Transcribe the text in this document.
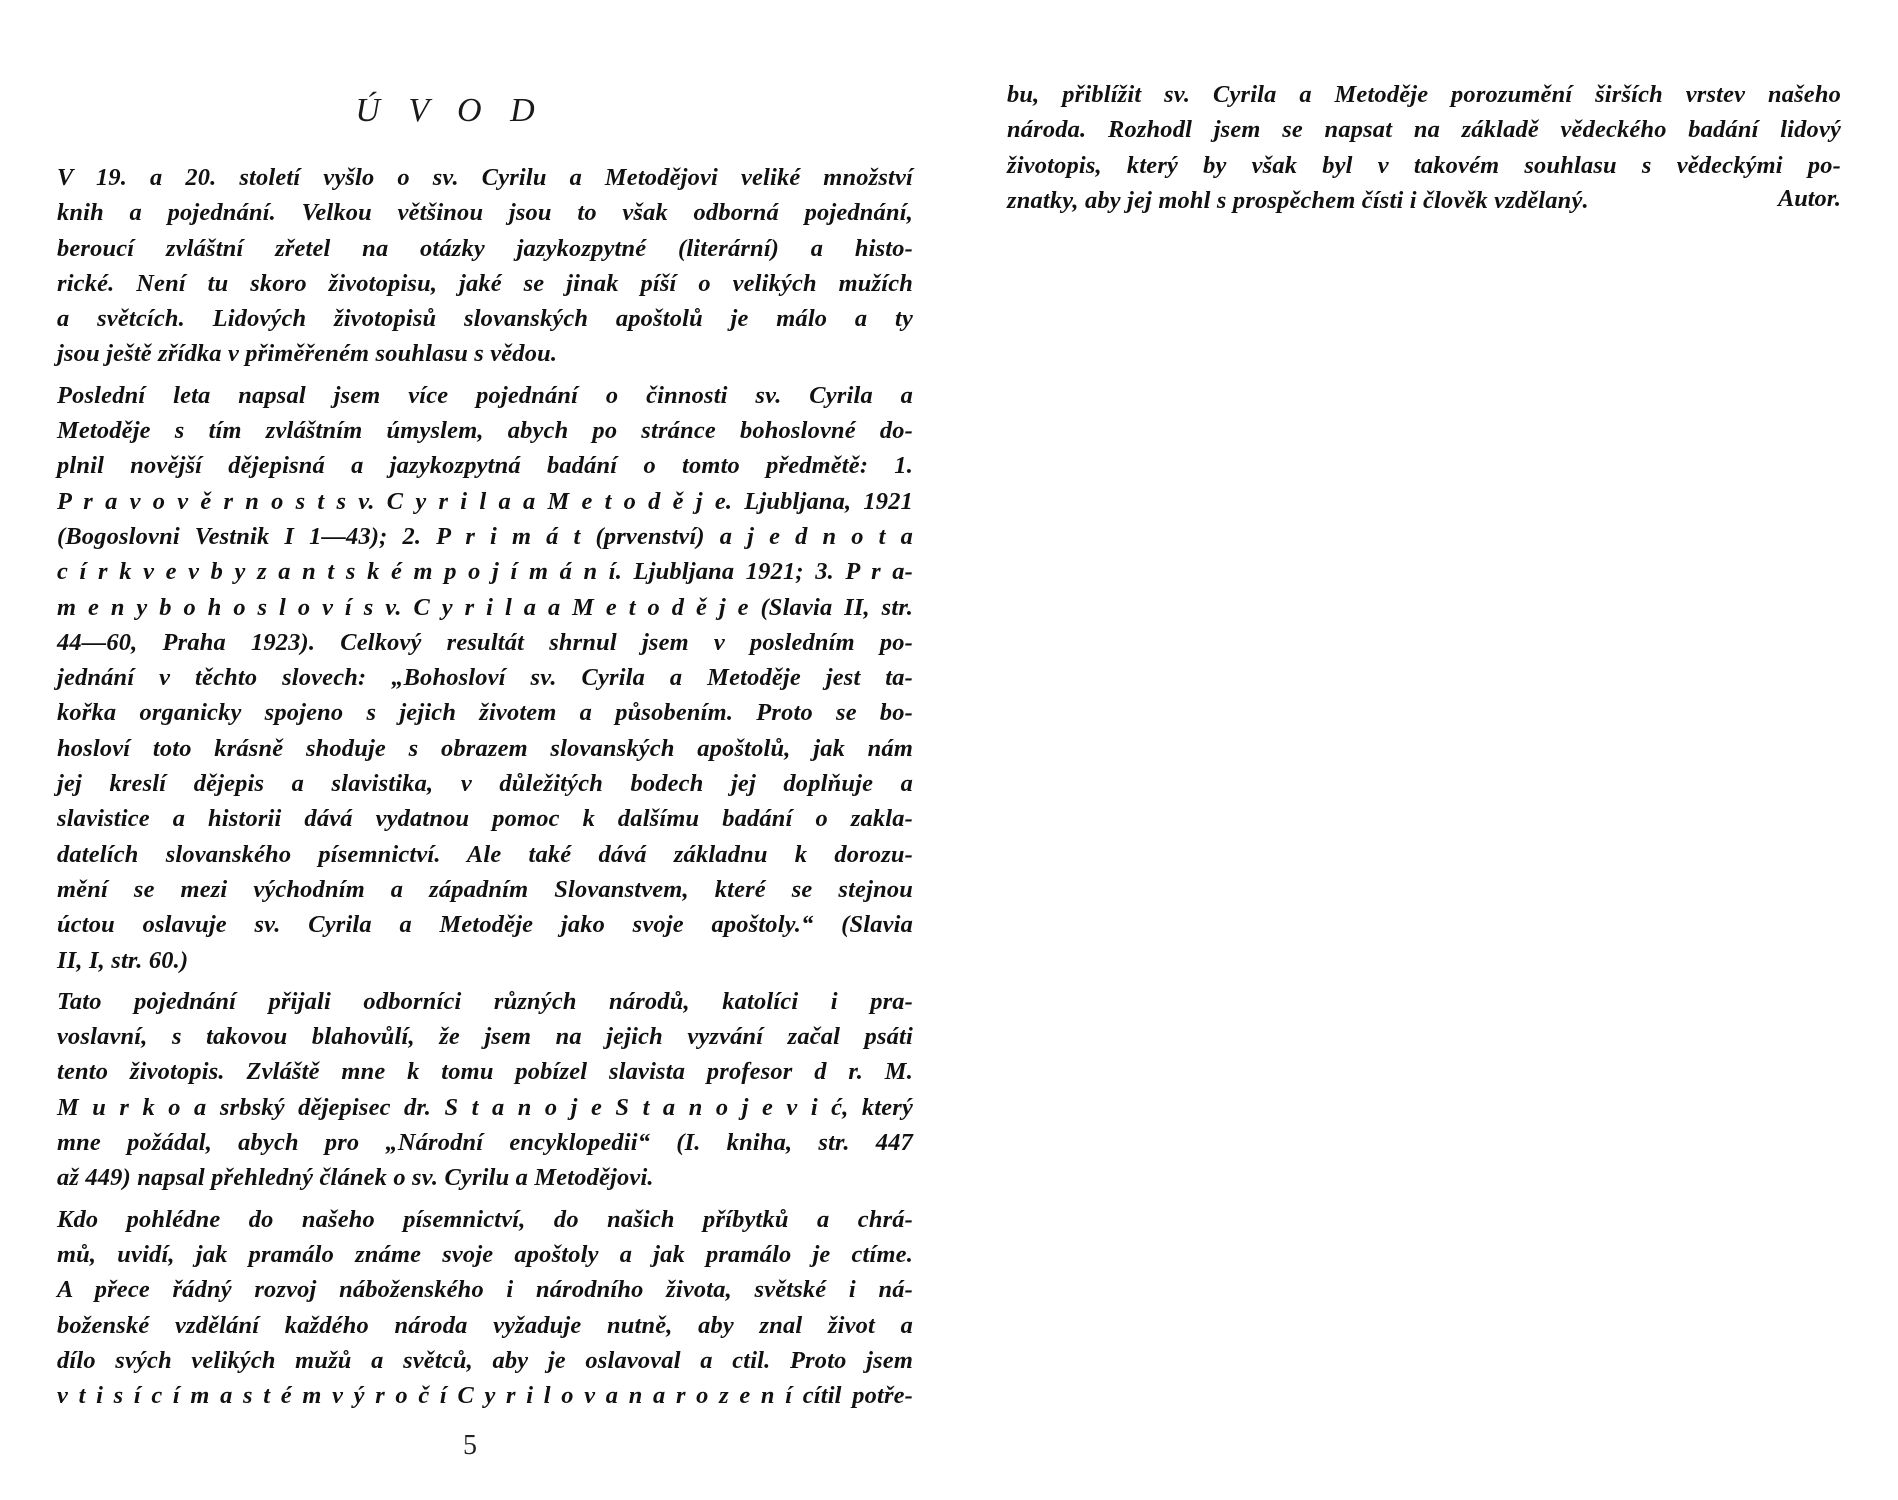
Ú V O D
V 19. a 20. století vyšlo o sv. Cyrilu a Metodějovi veliké množství
knih a pojednání. Velkou většinou jsou to však odborná pojednání,
beroucí zvláštní zřetel na otázky jazykozpytné (literární) a histo-
rické. Není tu skoro životopisu, jaké se jinak píší o velikých mužích
a světcích. Lidových životopisů slovanských apoštolů je málo a ty
jsou ještě zřídka v přiměřeném souhlasu s vědou.
Poslední leta napsal jsem více pojednání o činnosti sv. Cyrila a
Metoděje s tím zvláštním úmyslem, abych po stránce bohoslovné do-
plnil novější dějepisná a jazykozpytná badání o tomto předmětě: 1.
P r a v o v ě r n o s t s v. C y r i l a a M e t o d ě j e. Ljubljana, 1921
(Bogoslovni Vestnik I 1—43); 2. P r i m á t (prvenství) a j e d n o t a
c í r k v e v b y z a n t s k é m p o j í m á n í. Ljubljana 1921; 3. P r a-
m e n y b o h o s l o v í s v. C y r i l a a M e t o d ě j e (Slavia II, str.
44—60, Praha 1923). Celkový resultát shrnul jsem v posledním po-
jednání v těchto slovech: „Bohosloví sv. Cyrila a Metoděje jest ta-
kořka organicky spojeno s jejich životem a působením. Proto se bo-
hosloví toto krásně shoduje s obrazem slovanských apoštolů, jak nám
jej kreslí dějepis a slavistika, v důležitých bodech jej doplňuje a
slavistice a historii dává vydatnou pomoc k dalšímu badání o zakla-
datelích slovanského písemnictví. Ale také dává základnu k dorozu-
mění se mezi východním a západním Slovanstvem, které se stejnou
úctou oslavuje sv. Cyrila a Metoděje jako svoje apoštoly.“ (Slavia
II, I, str. 60.)
Tato pojednání přijali odborníci různých národů, katolíci i pra-
voslavní, s takovou blahovůlí, že jsem na jejich vyzvání začal psáti
tento životopis. Zvláště mne k tomu pobízel slavista profesor d r. M.
M u r k o a srbský dějepisec dr. S t a n o j e S t a n o j e v i ć, který
mne požádal, abych pro „Národní encyklopedii“ (I. kniha, str. 447
až 449) napsal přehledný článek o sv. Cyrilu a Metodějovi.
Kdo pohlédne do našeho písemnictví, do našich příbytků a chrá-
mů, uvidí, jak pramálo známe svoje apoštoly a jak pramálo je ctíme.
A přece řádný rozvoj náboženského i národního života, světské i ná-
boženské vzdělání každého národa vyžaduje nutně, aby znal život a
dílo svých velikých mužů a světců, aby je oslavoval a ctil. Proto jsem
v t i s í c í m a s t é m v ý r o č í C y r i l o v a n a r o z e n í cítil potře-
5
bu, přiblížit sv. Cyrila a Metoděje porozumění širších vrstev našeho
národa. Rozhodl jsem se napsat na základě vědeckého badání lidový
životopis, který by však byl v takovém souhlasu s vědeckými po-
znatky, aby jej mohl s prospěchem čísti i člověk vzdělaný.	Autor.
